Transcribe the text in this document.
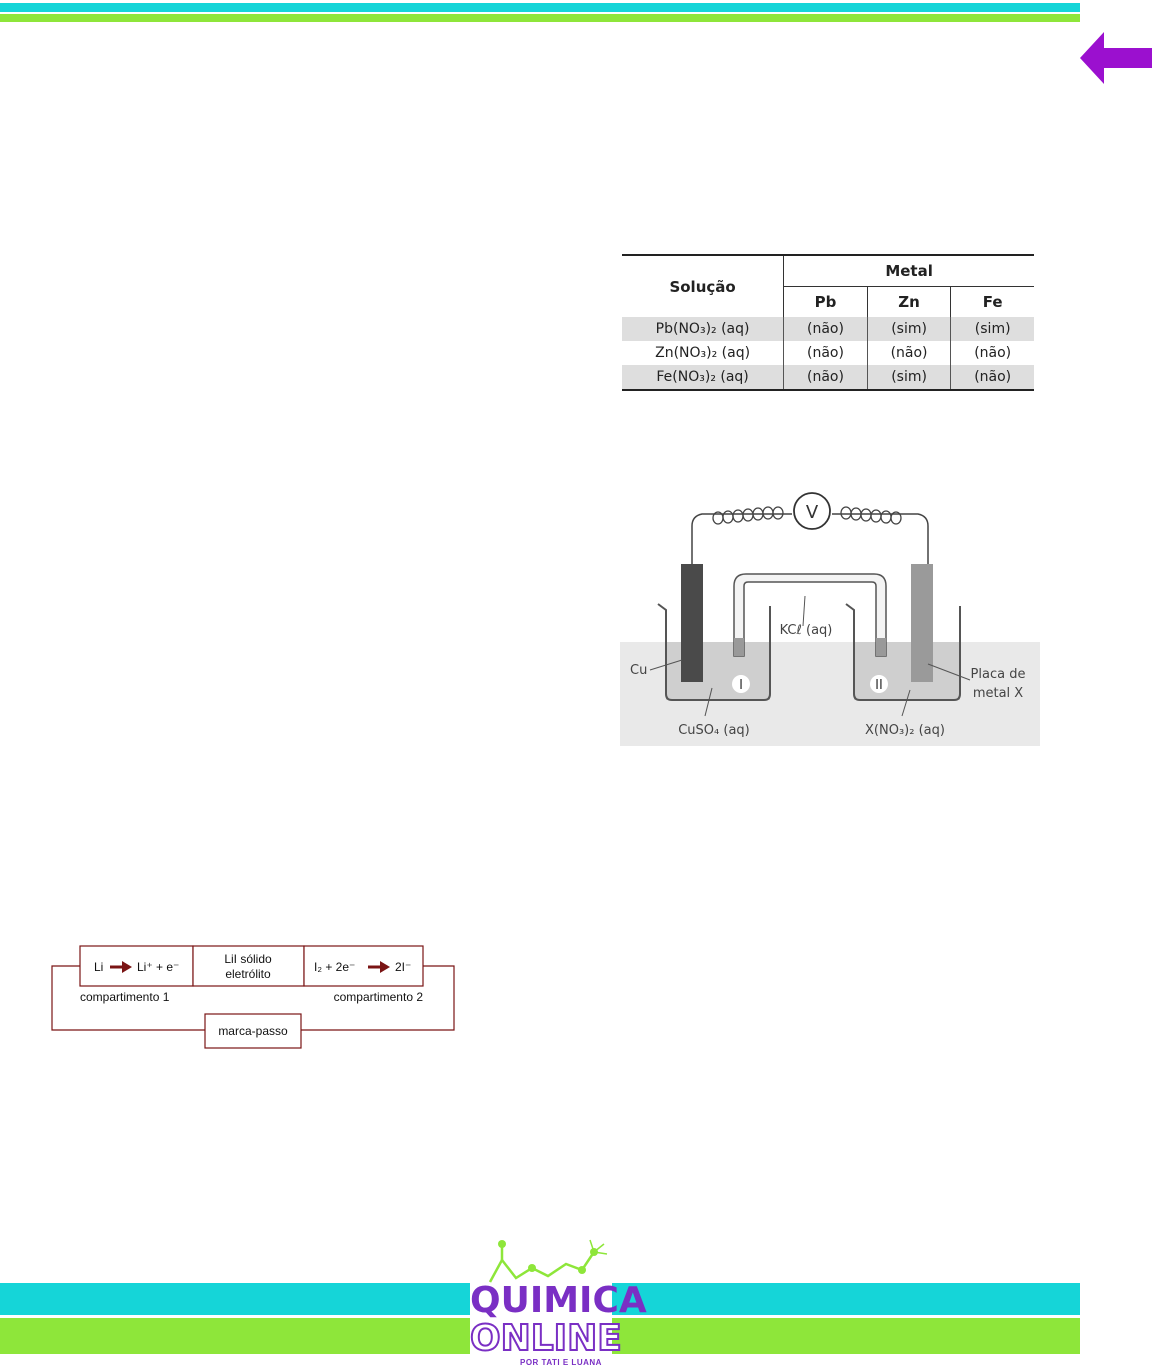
Solução	Metal		
	Pb	Zn	Fe
Pb(NO₃)₂ (aq)	(não)	(sim)	(sim)
Zn(NO₃)₂ (aq)	(não)	(não)	(não)
Fe(NO₃)₂ (aq)	(não)	(sim)	(não)
V
I	II
Cu
KCℓ (aq)
CuSO₄ (aq)	X(NO₃)₂ (aq)
Placa de
metal X
Li	Li⁺ + e⁻
LiI sólido
eletrólito	I₂ + 2e⁻	2I⁻
compartimento 1	compartimento 2
marca-passo
QUIMICA
ONLINE
POR TATI E LUANA
